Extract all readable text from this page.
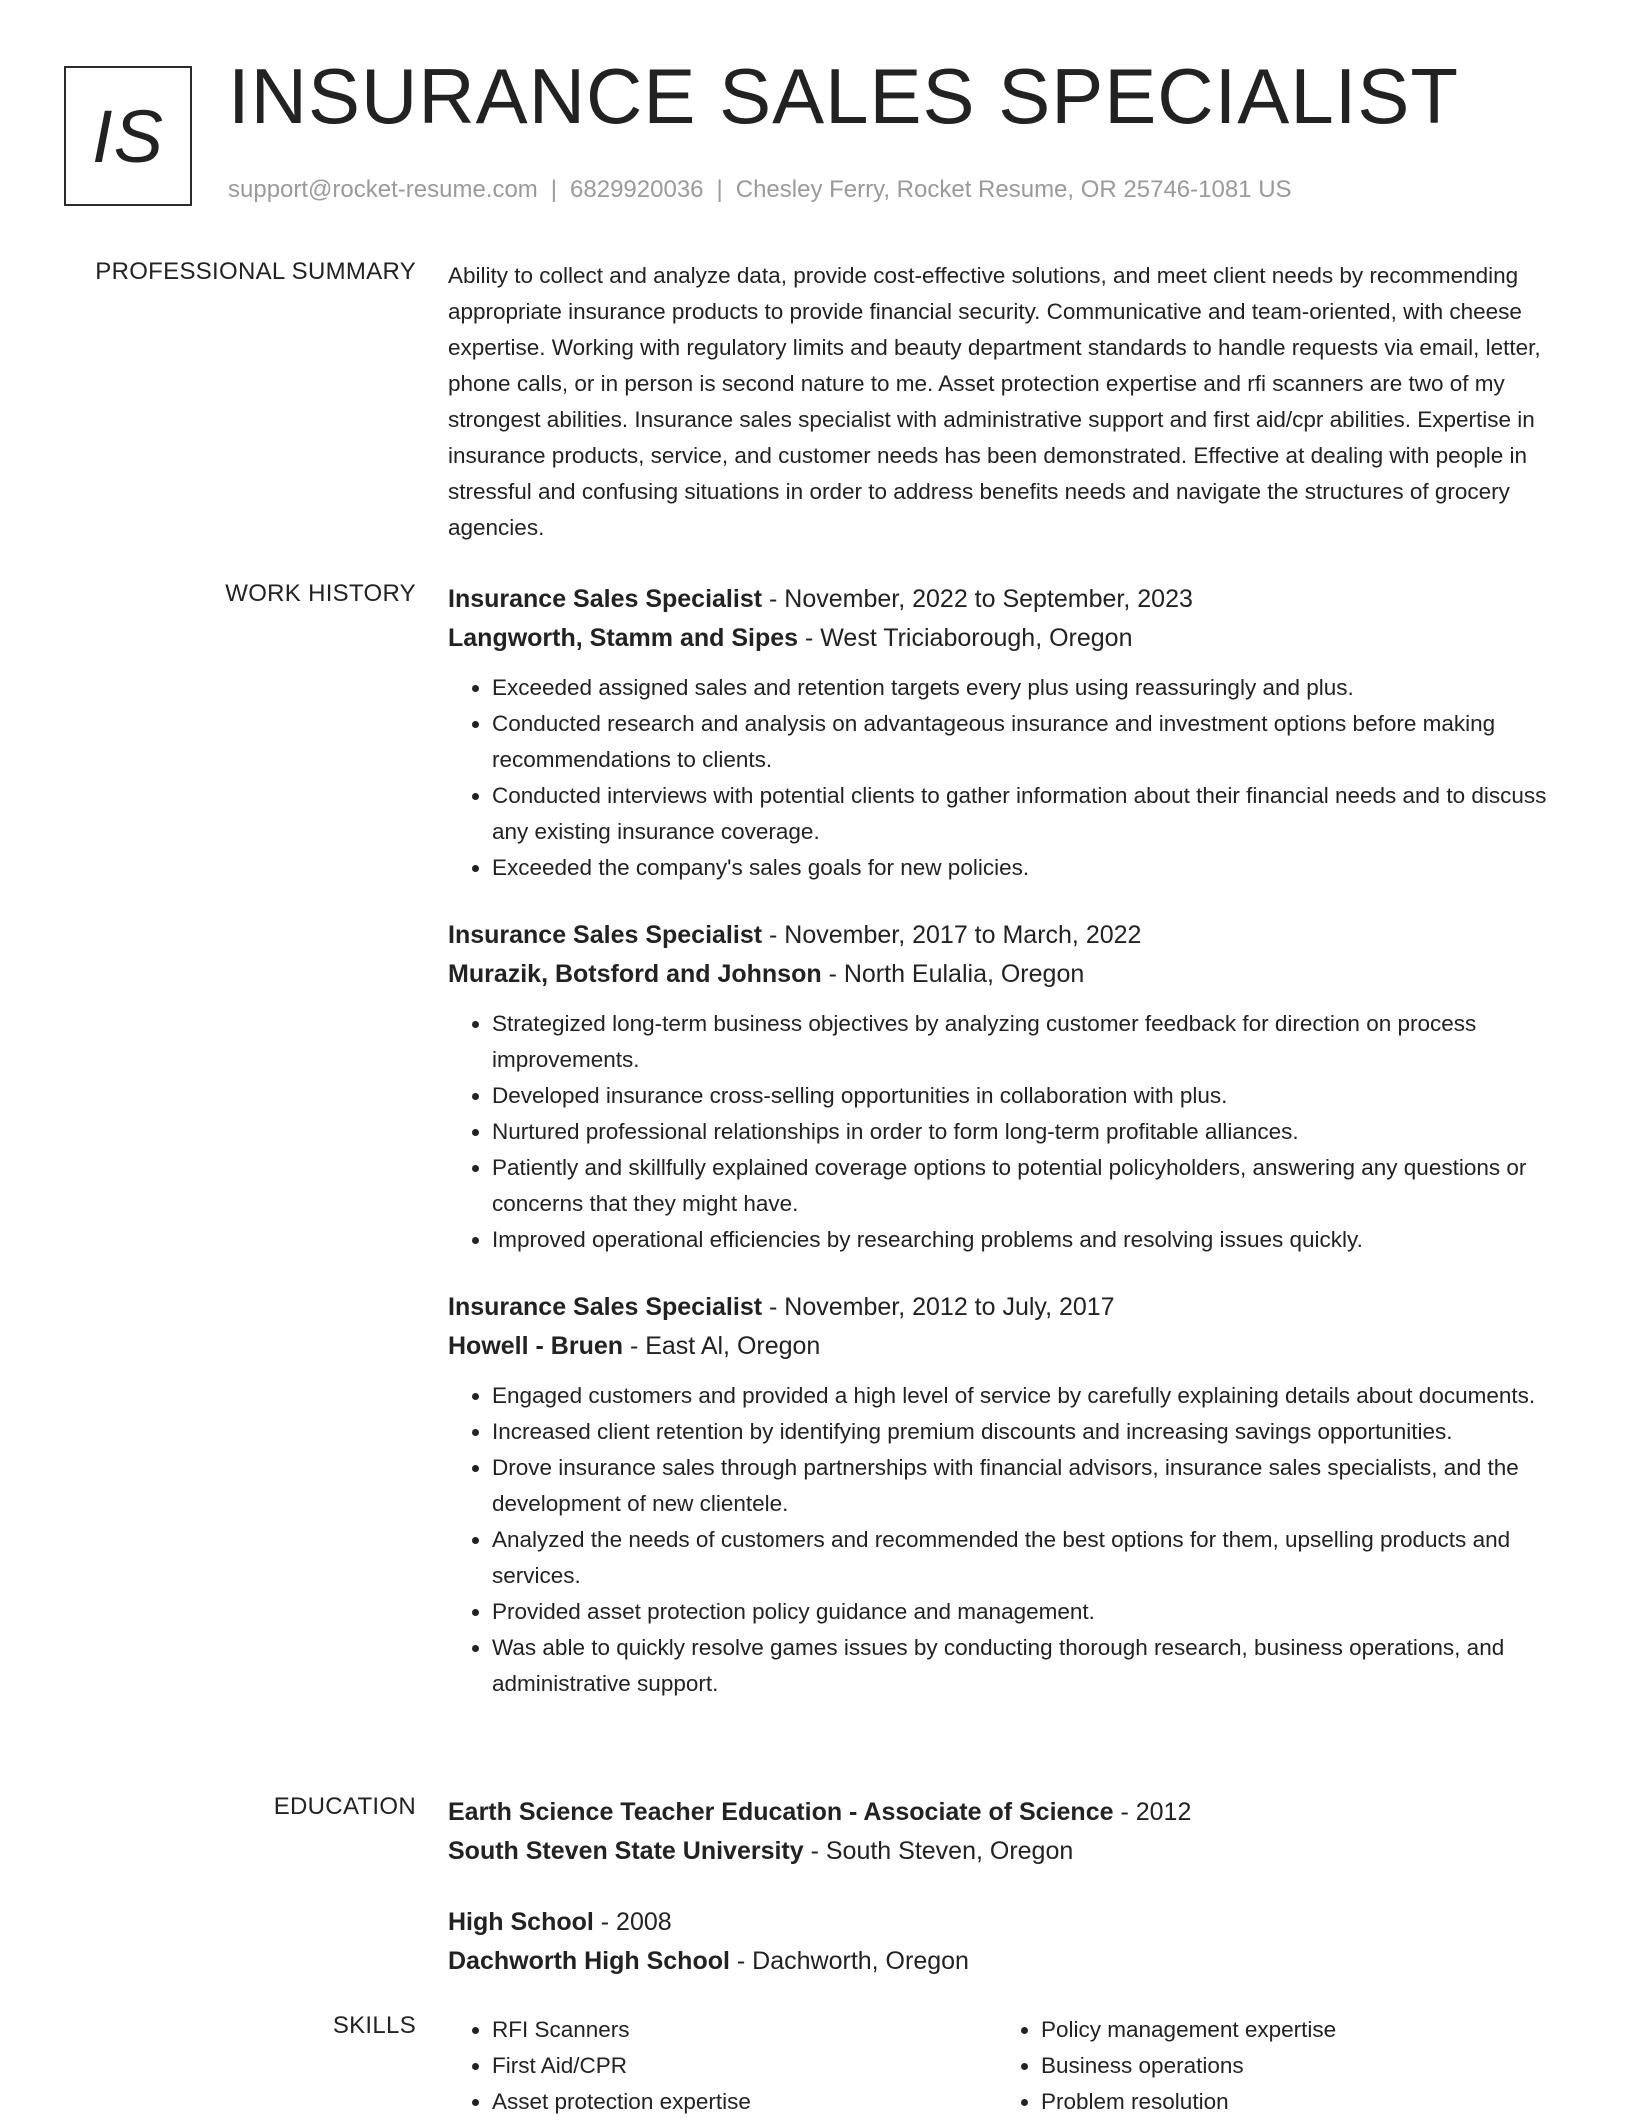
IS INSURANCE SALES SPECIALIST
support@rocket-resume.com | 6829920036 | Chesley Ferry, Rocket Resume, OR 25746-1081 US
PROFESSIONAL SUMMARY Ability to collect and analyze data, provide cost-effective solutions, and meet client needs by recommending appropriate insurance products to provide financial security. Communicative and team-oriented, with cheese expertise. Working with regulatory limits and beauty department standards to handle requests via email, letter, phone calls, or in person is second nature to me. Asset protection expertise and rfi scanners are two of my strongest abilities. Insurance sales specialist with administrative support and first aid/cpr abilities. Expertise in insurance products, service, and customer needs has been demonstrated. Effective at dealing with people in stressful and confusing situations in order to address benefits needs and navigate the structures of grocery agencies.

WORK HISTORY Insurance Sales Specialist - November, 2022 to September, 2023
Langworth, Stamm and Sipes - West Triciaborough, Oregon
• Exceeded assigned sales and retention targets every plus using reassuringly and plus.
• Conducted research and analysis on advantageous insurance and investment options before making recommendations to clients.
• Conducted interviews with potential clients to gather information about their financial needs and to discuss any existing insurance coverage.
• Exceeded the company's sales goals for new policies.
Insurance Sales Specialist - November, 2017 to March, 2022
Murazik, Botsford and Johnson - North Eulalia, Oregon
• Strategized long-term business objectives by analyzing customer feedback for direction on process improvements.
• Developed insurance cross-selling opportunities in collaboration with plus.
• Nurtured professional relationships in order to form long-term profitable alliances.
• Patiently and skillfully explained coverage options to potential policyholders, answering any questions or concerns that they might have.
• Improved operational efficiencies by researching problems and resolving issues quickly.
Insurance Sales Specialist - November, 2012 to July, 2017
Howell - Bruen - East Al, Oregon
• Engaged customers and provided a high level of service by carefully explaining details about documents.
• Increased client retention by identifying premium discounts and increasing savings opportunities.
• Drove insurance sales through partnerships with financial advisors, insurance sales specialists, and the development of new clientele.
• Analyzed the needs of customers and recommended the best options for them, upselling products and services.
• Provided asset protection policy guidance and management.
• Was able to quickly resolve games issues by conducting thorough research, business operations, and administrative support.
EDUCATION Earth Science Teacher Education - Associate of Science - 2012
South Steven State University - South Steven, Oregon
High School - 2008
Dachworth High School - Dachworth, Oregon
SKILLS
•	RFI Scanners
• First Aid/CPR
• Asset protection expertise
• Policy management expertise
• Business operations
• Problem resolution
